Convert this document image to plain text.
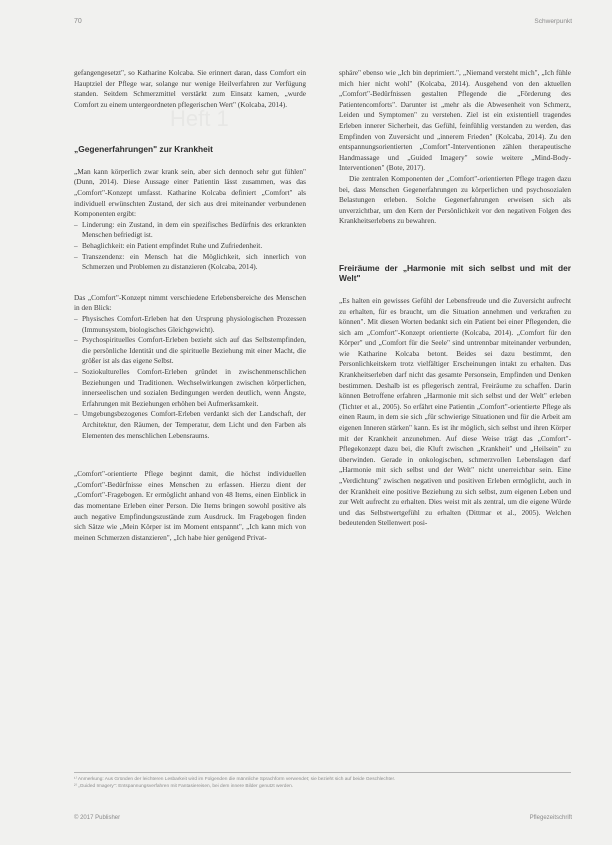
70	Schwerpunkt

gefangengesetzt", so Katharine Kolcaba. Sie erinnert daran, dass Comfort ein Hauptziel der Pflege war, solange nur wenige Heilverfahren zur Verfügung standen. Seitdem Schmerzmittel verstärkt zum Einsatz kamen, „wurde Comfort zu einem untergeordneten pflegerischen Wert" (Kolcaba, 2014).

Heft 1
„Gegenerfahrungen" zur Krankheit

„Man kann körperlich zwar krank sein, aber sich dennoch sehr gut fühlen" (Dunn, 2014). Diese Aussage einer Patientin lässt zusammen, was das „Comfort"-Konzept umfasst. Katharine Kolcaba definiert „Comfort" als individuell erwünschten Zustand, der sich aus drei miteinander verbundenen Komponenten ergibt:

– Linderung: ein Zustand, in dem ein spezifisches Bedürfnis des erkrankten Menschen befriedigt ist.
– Behaglichkeit: ein Patient empfindet Ruhe und Zufriedenheit.
– Transzendenz: ein Mensch hat die Möglichkeit, sich innerlich von Schmerzen und Problemen zu distanzieren (Kolcaba, 2014).

Das „Comfort"-Konzept nimmt verschiedene Erlebensbereiche des Menschen in den Blick:

– Physisches Comfort-Erleben hat den Ursprung physiologischen Prozessen (Immunsystem, biologisches Gleichgewicht).
– Psychospirituelles Comfort-Erleben bezieht sich auf das Selbstempfinden, die persönliche Identität und die spirituelle Beziehung mit einer Macht, die größer ist als das eigene Selbst.
– Soziokulturelles Comfort-Erleben gründet in zwischenmenschlichen Beziehungen und Traditionen. Wechselwirkungen zwischen körperlichen, innerseelischen und sozialen Bedingungen werden deutlich, wenn Ängste, Erfahrungen mit Beziehungen erhöhen bei Aufmerksamkeit.
– Umgebungsbezogenes Comfort-Erleben verdankt sich der Landschaft, der Architektur, den Räumen, der Temperatur, dem Licht und den Farben als Elementen des menschlichen Lebensraums.

„Comfort"-orientierte Pflege beginnt damit, die höchst individuellen „Comfort"-Bedürfnisse eines Menschen zu erfassen. Hierzu dient der „Comfort"-Fragebogen. Er ermöglicht anhand von 48 Items, einen Einblick in das momentane Erleben einer Person. Die Items bringen sowohl positive als auch negative Empfindungszustände zum Ausdruck. Im Fragebogen finden sich Sätze wie „Mein Körper ist im Moment entspannt", „Ich kann mich von meinen Schmerzen distanzieren", „Ich habe hier genügend Privat-

sphäre" ebenso wie „Ich bin deprimiert.", „Niemand versteht mich", „Ich fühle mich hier nicht wohl" (Kolcaba, 2014). Ausgehend von den aktuellen „Comfort"-Bedürfnissen gestalten Pflegende die „Förderung des Patientencomforts". Darunter ist „mehr als die Abwesenheit von Schmerz, Leiden und Symptomen" zu verstehen. Ziel ist ein existentiell tragendes Erleben innerer Sicherheit, das Gefühl, feinfühlig verstanden zu werden, das Empfinden von Zuversicht und „innerem Frieden" (Kolcaba, 2014). Zu den entspannungsorientierten „Comfort"-Interventionen zählen therapeutische Handmassage und „Guided Imagery" sowie weitere „Mind-Body-Interventionen" (Bote, 2017).

Die zentralen Komponenten der „Comfort"-orientierten Pflege tragen dazu bei, dass Menschen Gegenerfahrungen zu körperlichen und psychosozialen Belastungen erleben. Solche Gegenerfahrungen erweisen sich als unverzichtbar, um den Kern der Persönlichkeit vor den negativen Folgen des Krankheitserlebens zu bewahren.

Freiräume der „Harmonie mit sich selbst und mit der Welt"

„Es halten ein gewisses Gefühl der Lebensfreude und die Zuversicht aufrecht zu erhalten, für es braucht, um die Situation annehmen und verkraften zu können". Mit diesen Worten bedankt sich ein Patient bei einer Pflegenden, die sich am „Comfort"-Konzept orientierte (Kolcaba, 2014). „Comfort für den Körper" und „Comfort für die Seele" sind untrennbar miteinander verbunden, wie Katharine Kolcaba betont. Beides sei dazu bestimmt, den Personlichkeitskern trotz vielfältiger Erscheinungen intakt zu erhalten. Das Krankheitserleben darf nicht das gesamte Personsein, Empfinden und Denken bestimmen. Deshalb ist es pflegerisch zentral, Freiräume zu schaffen. Darin können Betroffene erfahren „Harmonie mit sich selbst und der Welt" erleben (Tichter et al., 2005). So erfährt eine Patientin „Comfort"-orientierte Pflege als einen Raum, in dem sie sich „für schwierige Situationen und für die Arbeit am eigenen Inneren stärken" kann. Es ist ihr möglich, sich selbst und ihren Körper mit der Krankheit anzunehmen. Auf diese Weise trägt das „Comfort"-Pflegekonzept dazu bei, die Kluft zwischen „Krankheit" und „Heilsein" zu überwinden. Gerade in onkologischen, schmerzvollen Lebenslagen darf „Harmonie mit sich selbst und der Welt" nicht unerreichbar sein. Eine „Verdichtung" zwischen negativen und positiven Erleben ermöglicht, auch in der Krankheit eine positive Beziehung zu sich selbst, zum eigenen Leben und zur Welt aufrecht zu erhalten. Dies weist mit als zentral, um die eigene Würde und das Selbstwertgefühl zu erhalten (Dittmar et al., 2005). Welchen bedeutenden Stellenwert posi-

¹⁾ Anmerkung: Aus Gründen der leichteren Lesbarkeit wird im Folgenden die männliche Sprachform verwendet; sie bezieht sich auf beide Geschlechter.

²⁾ „Guided Imagery": Entspannungsverfahren mit Fantasiereisen, bei dem innere Bilder genutzt werden.

© 2017 Publisher	Pflegezeitschrift
